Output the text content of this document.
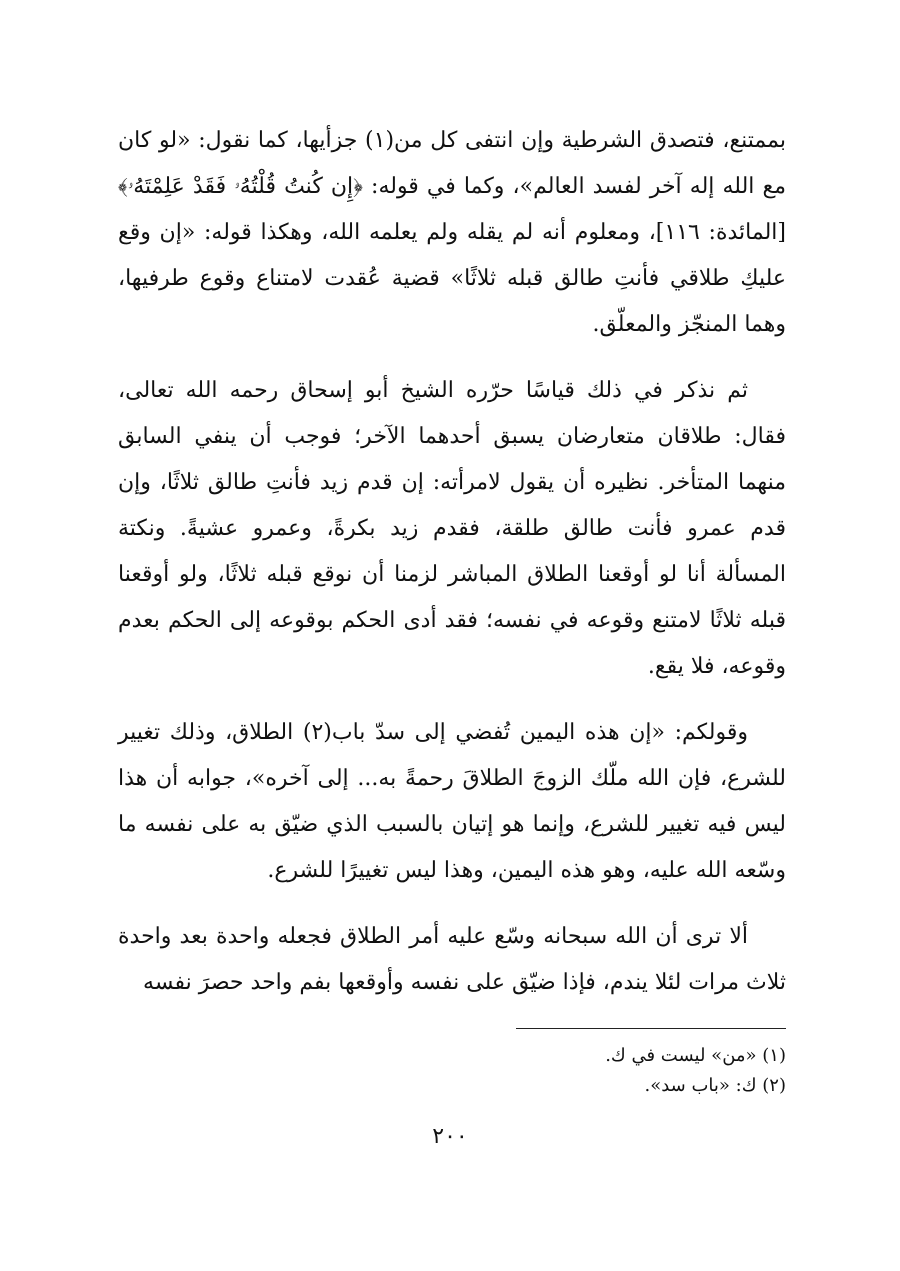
بممتنع، فتصدق الشرطية وإن انتفى كل من(١) جزأيها، كما نقول: «لو كان مع الله إله آخر لفسد العالم»، وكما في قوله: ﴿إِن كُنتُ قُلْتُهُۥ فَقَدْ عَلِمْتَهُۥ﴾ [المائدة: ١١٦]، ومعلوم أنه لم يقله ولم يعلمه الله، وهكذا قوله: «إن وقع عليكِ طلاقي فأنتِ طالق قبله ثلاثًا» قضية عُقدت لامتناع وقوع طرفيها، وهما المنجّز والمعلّق.

ثم نذكر في ذلك قياسًا حرّره الشيخ أبو إسحاق رحمه الله تعالى، فقال: طلاقان متعارضان يسبق أحدهما الآخر؛ فوجب أن ينفي السابق منهما المتأخر. نظيره أن يقول لامرأته: إن قدم زيد فأنتِ طالق ثلاثًا، وإن قدم عمرو فأنت طالق طلقة، فقدم زيد بكرةً، وعمرو عشيةً. ونكتة المسألة أنا لو أوقعنا الطلاق المباشر لزمنا أن نوقع قبله ثلاثًا، ولو أوقعنا قبله ثلاثًا لامتنع وقوعه في نفسه؛ فقد أدى الحكم بوقوعه إلى الحكم بعدم وقوعه، فلا يقع.

وقولكم: «إن هذه اليمين تُفضي إلى سدّ باب(٢) الطلاق، وذلك تغيير للشرع، فإن الله ملّك الزوجَ الطلاقَ رحمةً به... إلى آخره»، جوابه أن هذا ليس فيه تغيير للشرع، وإنما هو إتيان بالسبب الذي ضيّق به على نفسه ما وسّعه الله عليه، وهو هذه اليمين، وهذا ليس تغييرًا للشرع.

ألا ترى أن الله سبحانه وسّع عليه أمر الطلاق فجعله واحدة بعد واحدة ثلاث مرات لئلا يندم، فإذا ضيّق على نفسه وأوقعها بفم واحد حصرَ نفسه

(١) «من» ليست في ك.

(٢) ك: «باب سد».

٢٠٠
